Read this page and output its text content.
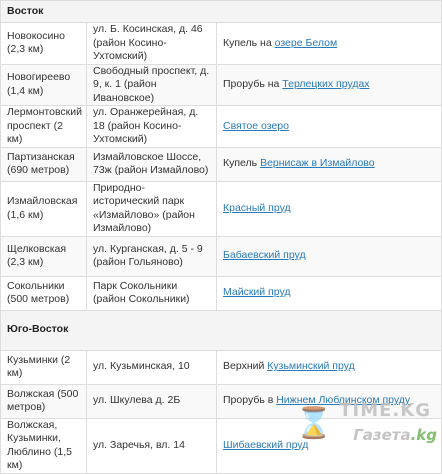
Восток		
Новокосино (2,3 км)	ул. Б. Косинская, д. 46 (район Косино-Ухтомский)	Купель на озере Белом
Новогиреево (1,4 км)	Свободный проспект, д. 9, к. 1 (район Ивановское)	Прорубь на Терлецких прудах
Лермонтовский проспект (2 км)	ул. Оранжерейная, д. 18 (район Косино-Ухтомский)	Святое озеро
Партизанская (690 метров)	Измайловское Шоссе, 73ж (район Измайлово)	Купель Вернисаж в Измайлово
Измайловская (1,6 км)	Природно-исторический парк «Измайлово» (район Измайлово)	Красный пруд
Щелковская (2,3 км)	ул. Курганская, д. 5 - 9 (район Гольяново)	Бабаевский пруд
Сокольники (500 метров)	Парк Сокольники (район Сокольники)	Майский пруд
Юго-Восток		
Кузьминки (2 км)	ул. Кузьминская, 10	Верхний Кузьминский пруд
Волжская (500 метров)	ул. Шкулева д. 2Б	Прорубь в Нижнем Люблинском пруду
Волжская, Кузьминки, Люблино (1,5 км)	ул. Заречья, вл. 14	Шибаевский пруд
⌛ TIME.KG
Газета.kg
